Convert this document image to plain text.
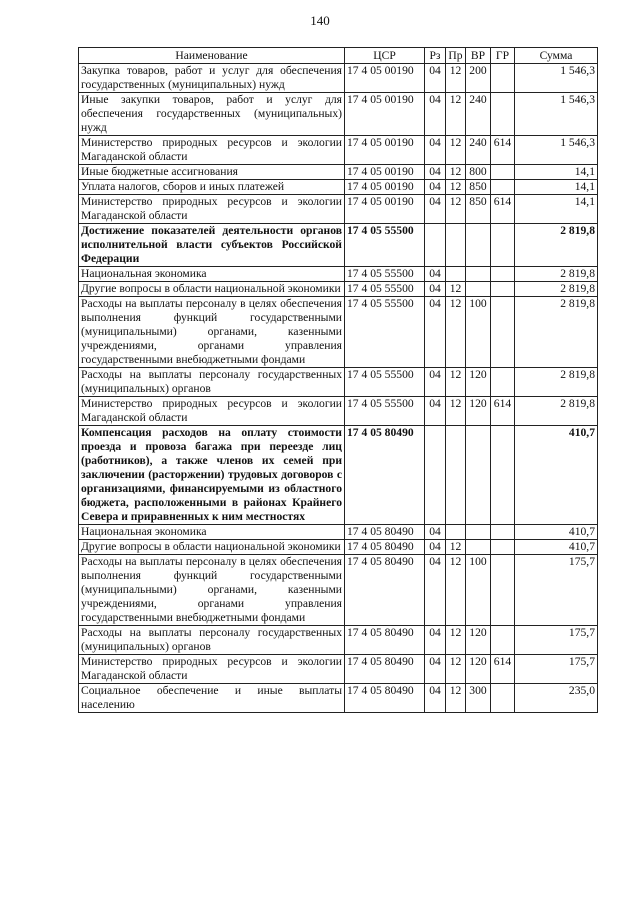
140
Наименование	ЦСР	Рз	Пр	ВР	ГР	Сумма
Закупка товаров, работ и услуг для обеспечения государственных (муниципальных) нужд	17 4 05 00190	04	12	200		1 546,3
Иные закупки товаров, работ и услуг для обеспечения государственных (муниципальных) нужд	17 4 05 00190	04	12	240		1 546,3
Министерство природных ресурсов и экологии Магаданской области	17 4 05 00190	04	12	240	614	1 546,3
Иные бюджетные ассигнования	17 4 05 00190	04	12	800		14,1
Уплата налогов, сборов и иных платежей	17 4 05 00190	04	12	850		14,1
Министерство природных ресурсов и экологии Магаданской области	17 4 05 00190	04	12	850	614	14,1
Достижение показателей деятельности органов исполнительной власти субъектов Российской Федерации	17 4 05 55500					2 819,8
Национальная экономика	17 4 05 55500	04				2 819,8
Другие вопросы в области национальной экономики	17 4 05 55500	04	12			2 819,8
Расходы на выплаты персоналу в целях обеспечения выполнения функций государственными (муниципальными) органами, казенными учреждениями, органами управления государственными внебюджетными фондами	17 4 05 55500	04	12	100		2 819,8
Расходы на выплаты персоналу государственных (муниципальных) органов	17 4 05 55500	04	12	120		2 819,8
Министерство природных ресурсов и экологии Магаданской области	17 4 05 55500	04	12	120	614	2 819,8
Компенсация расходов на оплату стоимости проезда и провоза багажа при переезде лиц (работников), а также членов их семей при заключении (расторжении) трудовых договоров с организациями, финансируемыми из областного бюджета, расположенными в районах Крайнего Севера и приравненных к ним местностях	17 4 05 80490					410,7
Национальная экономика	17 4 05 80490	04				410,7
Другие вопросы в области национальной экономики	17 4 05 80490	04	12			410,7
Расходы на выплаты персоналу в целях обеспечения выполнения функций государственными (муниципальными) органами, казенными учреждениями, органами управления государственными внебюджетными фондами	17 4 05 80490	04	12	100		175,7
Расходы на выплаты персоналу государственных (муниципальных) органов	17 4 05 80490	04	12	120		175,7
Министерство природных ресурсов и экологии Магаданской области	17 4 05 80490	04	12	120	614	175,7
Социальное обеспечение и иные выплаты населению	17 4 05 80490	04	12	300		235,0
